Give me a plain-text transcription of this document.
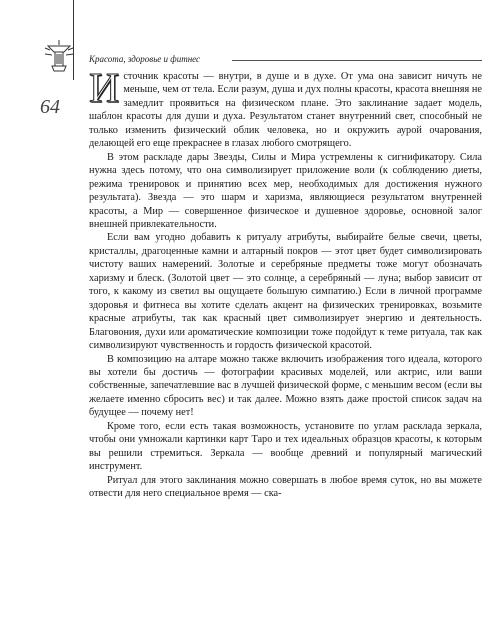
64
Красота, здоровье и фитнес

Источник красоты — внутри, в душе и в духе. От ума она зависит ничуть не меньше, чем от тела. Если разум, душа и дух полны красоты, красота внешняя не замедлит проявиться на физическом плане. Это заклинание задает модель, шаблон красоты для души и духа. Результатом станет внутренний свет, способный не только изменить физический облик человека, но и окружить аурой очарования, делающей его еще прекраснее в глазах любого смотрящего.

В этом раскладе дары Звезды, Силы и Мира устремлены к сигнификатору. Сила нужна здесь потому, что она символизирует приложение воли (к соблюдению диеты, режима тренировок и принятию всех мер, необходимых для достижения нужного результата). Звезда — это шарм и харизма, являющиеся результатом внутренней красоты, а Мир — совершенное физическое и душевное здоровье, основной залог внешней привлекательности.

Если вам угодно добавить к ритуалу атрибуты, выбирайте белые свечи, цветы, кристаллы, драгоценные камни и алтарный покров — этот цвет будет символизировать чистоту ваших намерений. Золотые и серебряные предметы тоже могут обозначать харизму и блеск. (Золотой цвет — это солнце, а серебряный — луна; выбор зависит от того, к какому из светил вы ощущаете большую симпатию.) Если в личной программе здоровья и фитнеса вы хотите сделать акцент на физических тренировках, возьмите красные атрибуты, так как красный цвет символизирует энергию и деятельность. Благовония, духи или ароматические композиции тоже подойдут к теме ритуала, так как символизируют чувственность и гордость физической красотой.

В композицию на алтаре можно также включить изображения того идеала, которого вы хотели бы достичь — фотографии красивых моделей, или актрис, или ваши собственные, запечатлевшие вас в лучшей физической форме, с меньшим весом (если вы желаете именно сбросить вес) и так далее. Можно взять даже простой список задач на будущее — почему нет!

Кроме того, если есть такая возможность, установите по углам расклада зеркала, чтобы они умножали картинки карт Таро и тех идеальных образцов красоты, к которым вы решили стремиться. Зеркала — вообще древний и популярный магический инструмент.

Ритуал для этого заклинания можно совершать в любое время суток, но вы можете отвести для него специальное время — ска-
